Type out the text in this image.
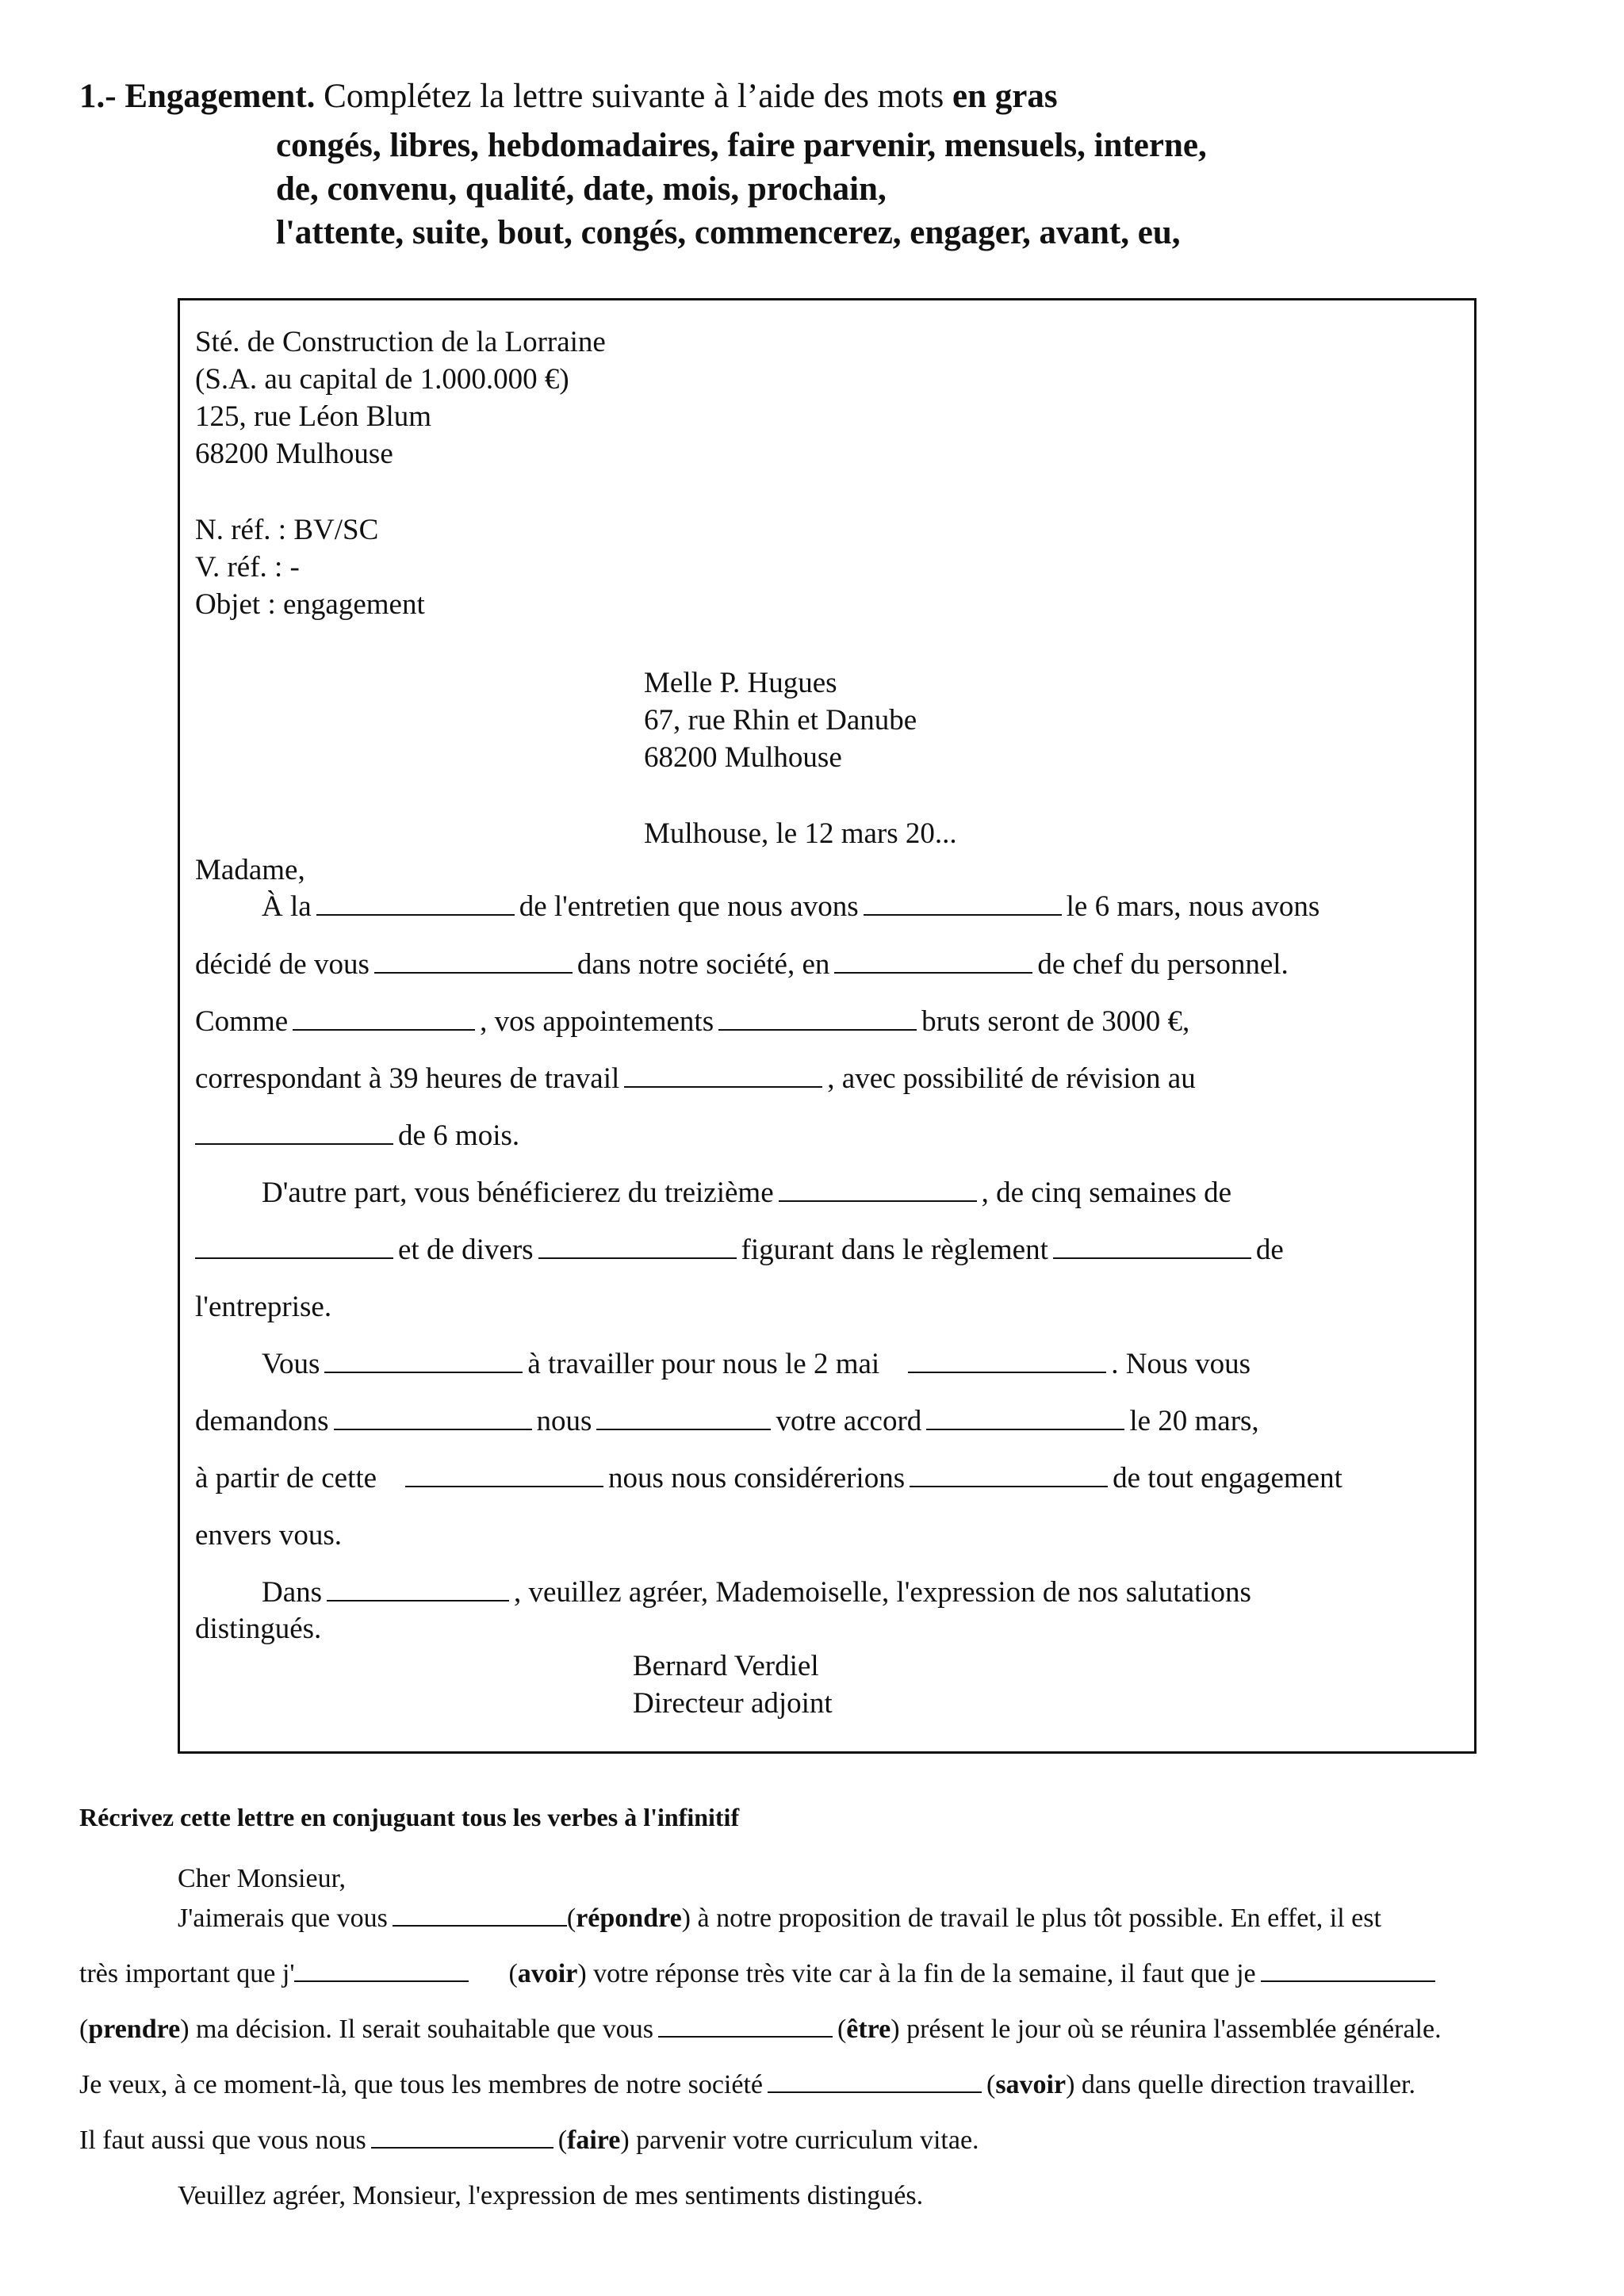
1.- Engagement. Complétez la lettre suivante à l’aide des mots en gras
congés, libres, hebdomadaires, faire parvenir, mensuels, interne,
de, convenu, qualité, date, mois, prochain,
l'attente, suite, bout, congés, commencerez, engager, avant, eu,
Sté. de Construction de la Lorraine
(S.A. au capital de 1.000.000 €)
125, rue Léon Blum
68200 Mulhouse
N. réf. : BV/SC
V. réf. : -
Objet : engagement
Melle P. Hugues
67, rue Rhin et Danube
68200 Mulhouse
Mulhouse, le 12 mars 20...
Madame,
À la	de l'entretien que nous avons	le 6 mars, nous avons
décidé de vous	dans notre société, en	de chef du personnel.
Comme	, vos appointements	bruts seront de 3000 €,
correspondant à 39 heures de travail	, avec possibilité de révision au
de 6 mois.
D'autre part, vous bénéficierez du treizième	, de cinq semaines de
et de divers	figurant dans le règlement	de
l'entreprise.
Vous	à travailler pour nous le 2 mai	. Nous vous
demandons	nous	votre accord	le 20 mars,
à partir de cette	nous nous considérerions	de tout engagement
envers vous.
Dans	, veuillez agréer, Mademoiselle, l'expression de nos salutations
distingués.
Bernard Verdiel
Directeur adjoint
Récrivez cette lettre en conjuguant tous les verbes à l'infinitif
Cher Monsieur,
J'aimerais que vous	(répondre) à notre proposition de travail le plus tôt possible. En effet, il est
très important que j'	(avoir) votre réponse très vite car à la fin de la semaine, il faut que je
(prendre) ma décision. Il serait souhaitable que vous	(être) présent le jour où se réunira l'assemblée générale.
Je veux, à ce moment-là, que tous les membres de notre société	(savoir) dans quelle direction travailler.
Il faut aussi que vous nous	(faire) parvenir votre curriculum vitae.
Veuillez agréer, Monsieur, l'expression de mes sentiments distingués.
